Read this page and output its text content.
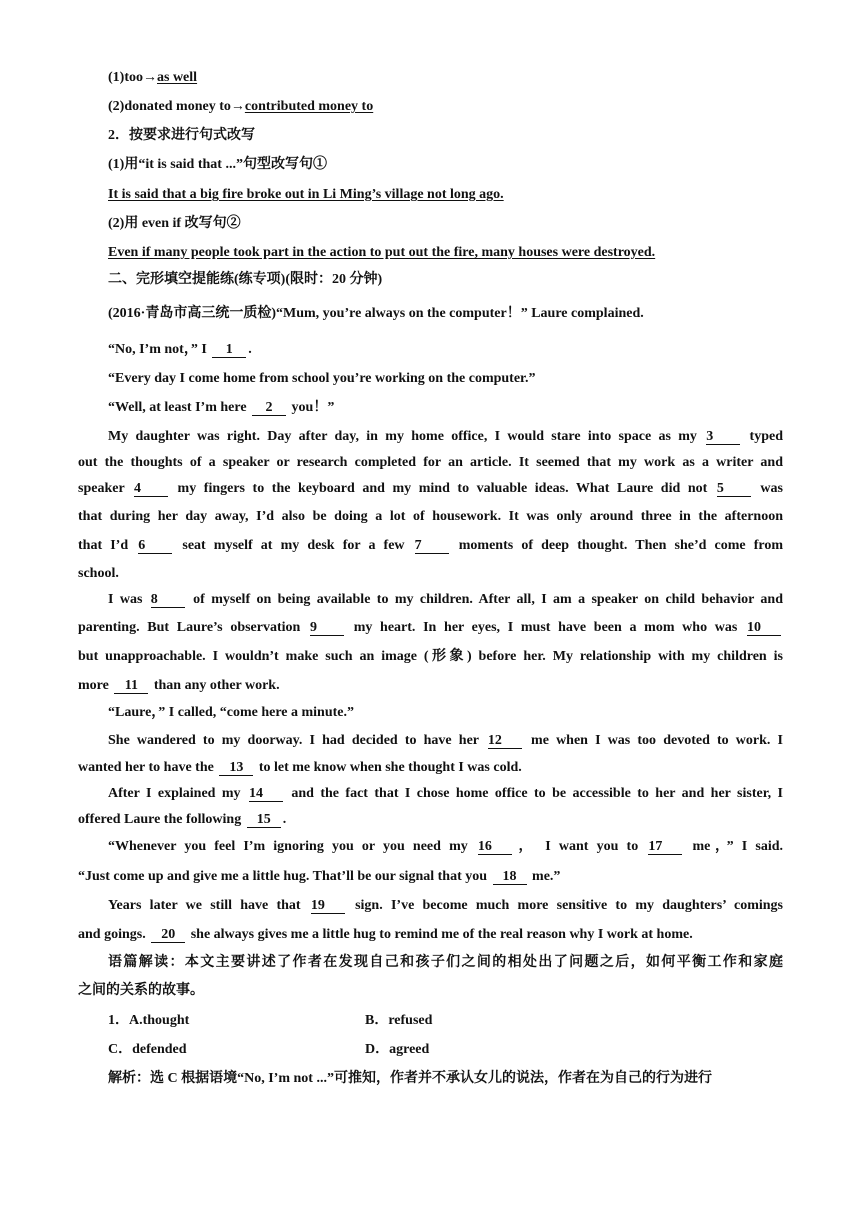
(1)too→as well
(2)donated money to→contributed money to
2．按要求进行句式改写
(1)用“it is said that ...”句型改写句①
It is said that a big fire broke out in Li Ming’s village not long ago.
(2)用 even if 改写句②
Even if many people took part in the action to put out the fire, many houses were destroyed.
二、完形填空提能练(练专项)(限时：20 分钟)
(2016·青岛市高三统一质检)“Mum, you’re always on the computer！” Laure complained.
“No, I’m not，” I 1 .
“Every day I come home from school you’re working on the computer.”
“Well, at least I’m here 2 you！”
My daughter was right. Day after day, in my home office, I would stare into space as my 3 typed
out the thoughts of a speaker or research completed for an article. It seemed that my work as a writer and
speaker 4 my fingers to the keyboard and my mind to valuable ideas. What Laure did not 5 was
that during her day away, I’d also be doing a lot of housework. It was only around three in the afternoon
that I’d 6 seat myself at my desk for a few 7 moments of deep thought. Then she’d come from
school.
I was 8 of myself on being available to my children. After all, I am a speaker on child behavior and
parenting. But Laure’s observation 9 my heart. In her eyes, I must have been a mom who was 10
but unapproachable. I wouldn’t make such an image (形象) before her. My relationship with my children is
more 11 than any other work.
“Laure，” I called, “come here a minute.”
She wandered to my doorway. I had decided to have her 12 me when I was too devoted to work. I
wanted her to have the 13 to let me know when she thought I was cold.
After I explained my 14 and the fact that I chose home office to be accessible to her and her sister, I
offered Laure the following 15 .
“Whenever you feel I’m ignoring you or you need my 16 ， I want you to 17 me，” I said.
“Just come up and give me a little hug. That’ll be our signal that you 18 me.”
Years later we still have that 19 sign. I’ve become much more sensitive to my daughters’ comings
and goings. 20 she always gives me a little hug to remind me of the real reason why I work at home.
语篇解读：本文主要讲述了作者在发现自己和孩子们之间的相处出了问题之后，如何平衡工作和家庭
之间的关系的故事。
1．A.thought	B．refused
C．defended	D．agreed
解析：选 C 根据语境“No, I’m not ...”可推知，作者并不承认女儿的说法，作者在为自己的行为进行
